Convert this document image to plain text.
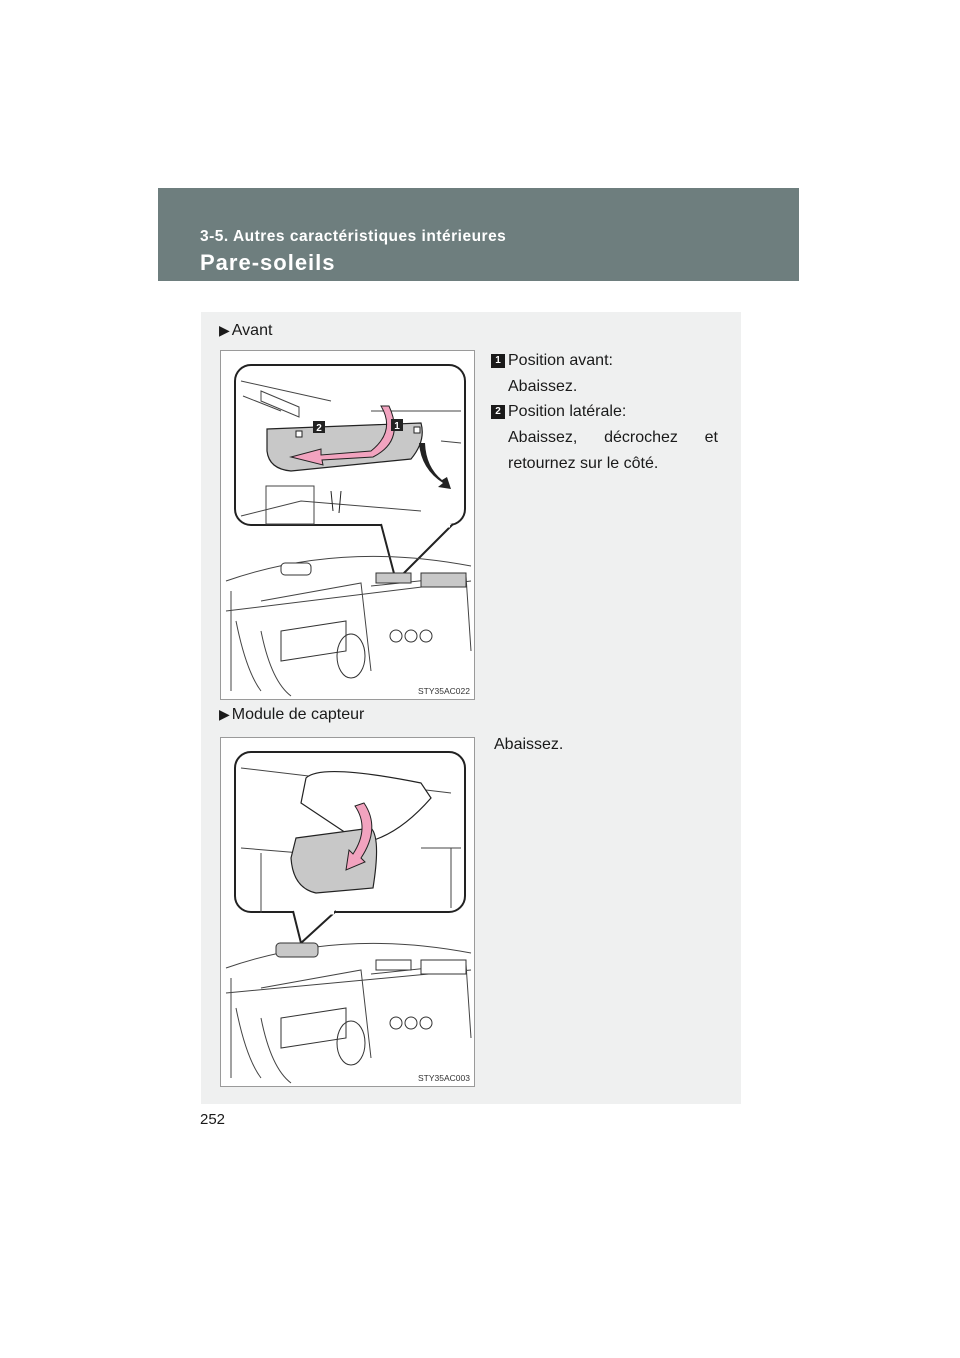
3-5. Autres caractéristiques intérieures
Pare-soleils
▶ Avant
2	1
STY35AC022
1 Position avant:
Abaissez.
2 Position latérale:
Abaissez, décrochez et retournez sur le côté.
▶ Module de capteur
STY35AC003
Abaissez.
252
